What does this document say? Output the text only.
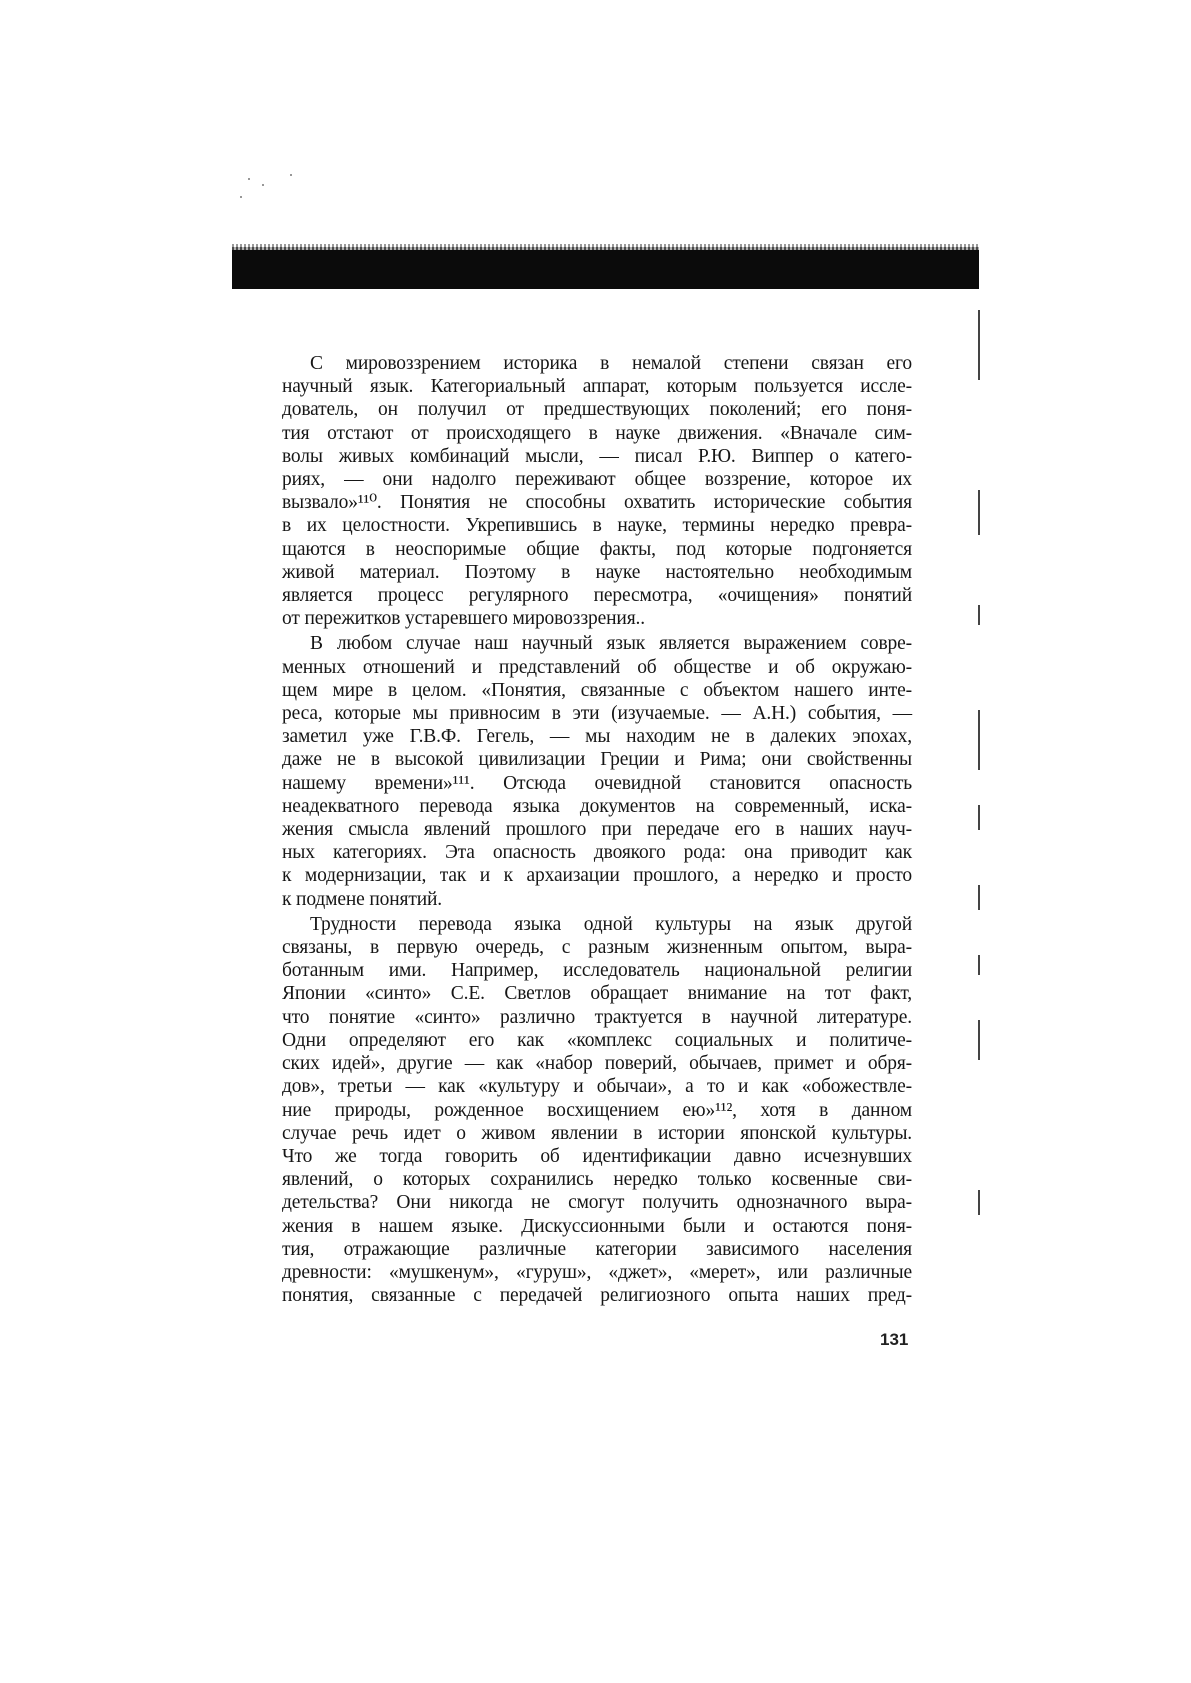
С мировоззрением историка в немалой степени связан его
научный язык. Категориальный аппарат, которым пользуется иссле-
дователь, он получил от предшествующих поколений; его поня-
тия отстают от происходящего в науке движения. «Вначале сим-
волы живых комбинаций мысли, — писал Р.Ю. Виппер о катего-
риях, — они надолго переживают общее воззрение, которое их
вызвало»¹¹⁰. Понятия не способны охватить исторические события
в их целостности. Укрепившись в науке, термины нередко превра-
щаются в неоспоримые общие факты, под которые подгоняется
живой материал. Поэтому в науке настоятельно необходимым
является процесс регулярного пересмотра, «очищения» понятий
от пережитков устаревшего мировоззрения..
В любом случае наш научный язык является выражением совре-
менных отношений и представлений об обществе и об окружаю-
щем мире в целом. «Понятия, связанные с объектом нашего инте-
реса, которые мы привносим в эти (изучаемые. — А.Н.) события, —
заметил уже Г.В.Ф. Гегель, — мы находим не в далеких эпохах,
даже не в высокой цивилизации Греции и Рима; они свойственны
нашему времени»¹¹¹. Отсюда очевидной становится опасность
неадекватного перевода языка документов на современный, иска-
жения смысла явлений прошлого при передаче его в наших науч-
ных категориях. Эта опасность двоякого рода: она приводит как
к модернизации, так и к архаизации прошлого, а нередко и просто
к подмене понятий.
Трудности перевода языка одной культуры на язык другой
связаны, в первую очередь, с разным жизненным опытом, выра-
ботанным ими. Например, исследователь национальной религии
Японии «синто» С.Е. Светлов обращает внимание на тот факт,
что понятие «синто» различно трактуется в научной литературе.
Одни определяют его как «комплекс социальных и политиче-
ских идей», другие — как «набор поверий, обычаев, примет и обря-
дов», третьи — как «культуру и обычаи», а то и как «обожествле-
ние природы, рожденное восхищением ею»¹¹², хотя в данном
случае речь идет о живом явлении в истории японской культуры.
Что же тогда говорить об идентификации давно исчезнувших
явлений, о которых сохранились нередко только косвенные сви-
детельства? Они никогда не смогут получить однозначного выра-
жения в нашем языке. Дискуссионными были и остаются поня-
тия, отражающие различные категории зависимого населения
древности: «мушкенум», «гуруш», «джет», «мерет», или различные
понятия, связанные с передачей религиозного опыта наших пред-
131
